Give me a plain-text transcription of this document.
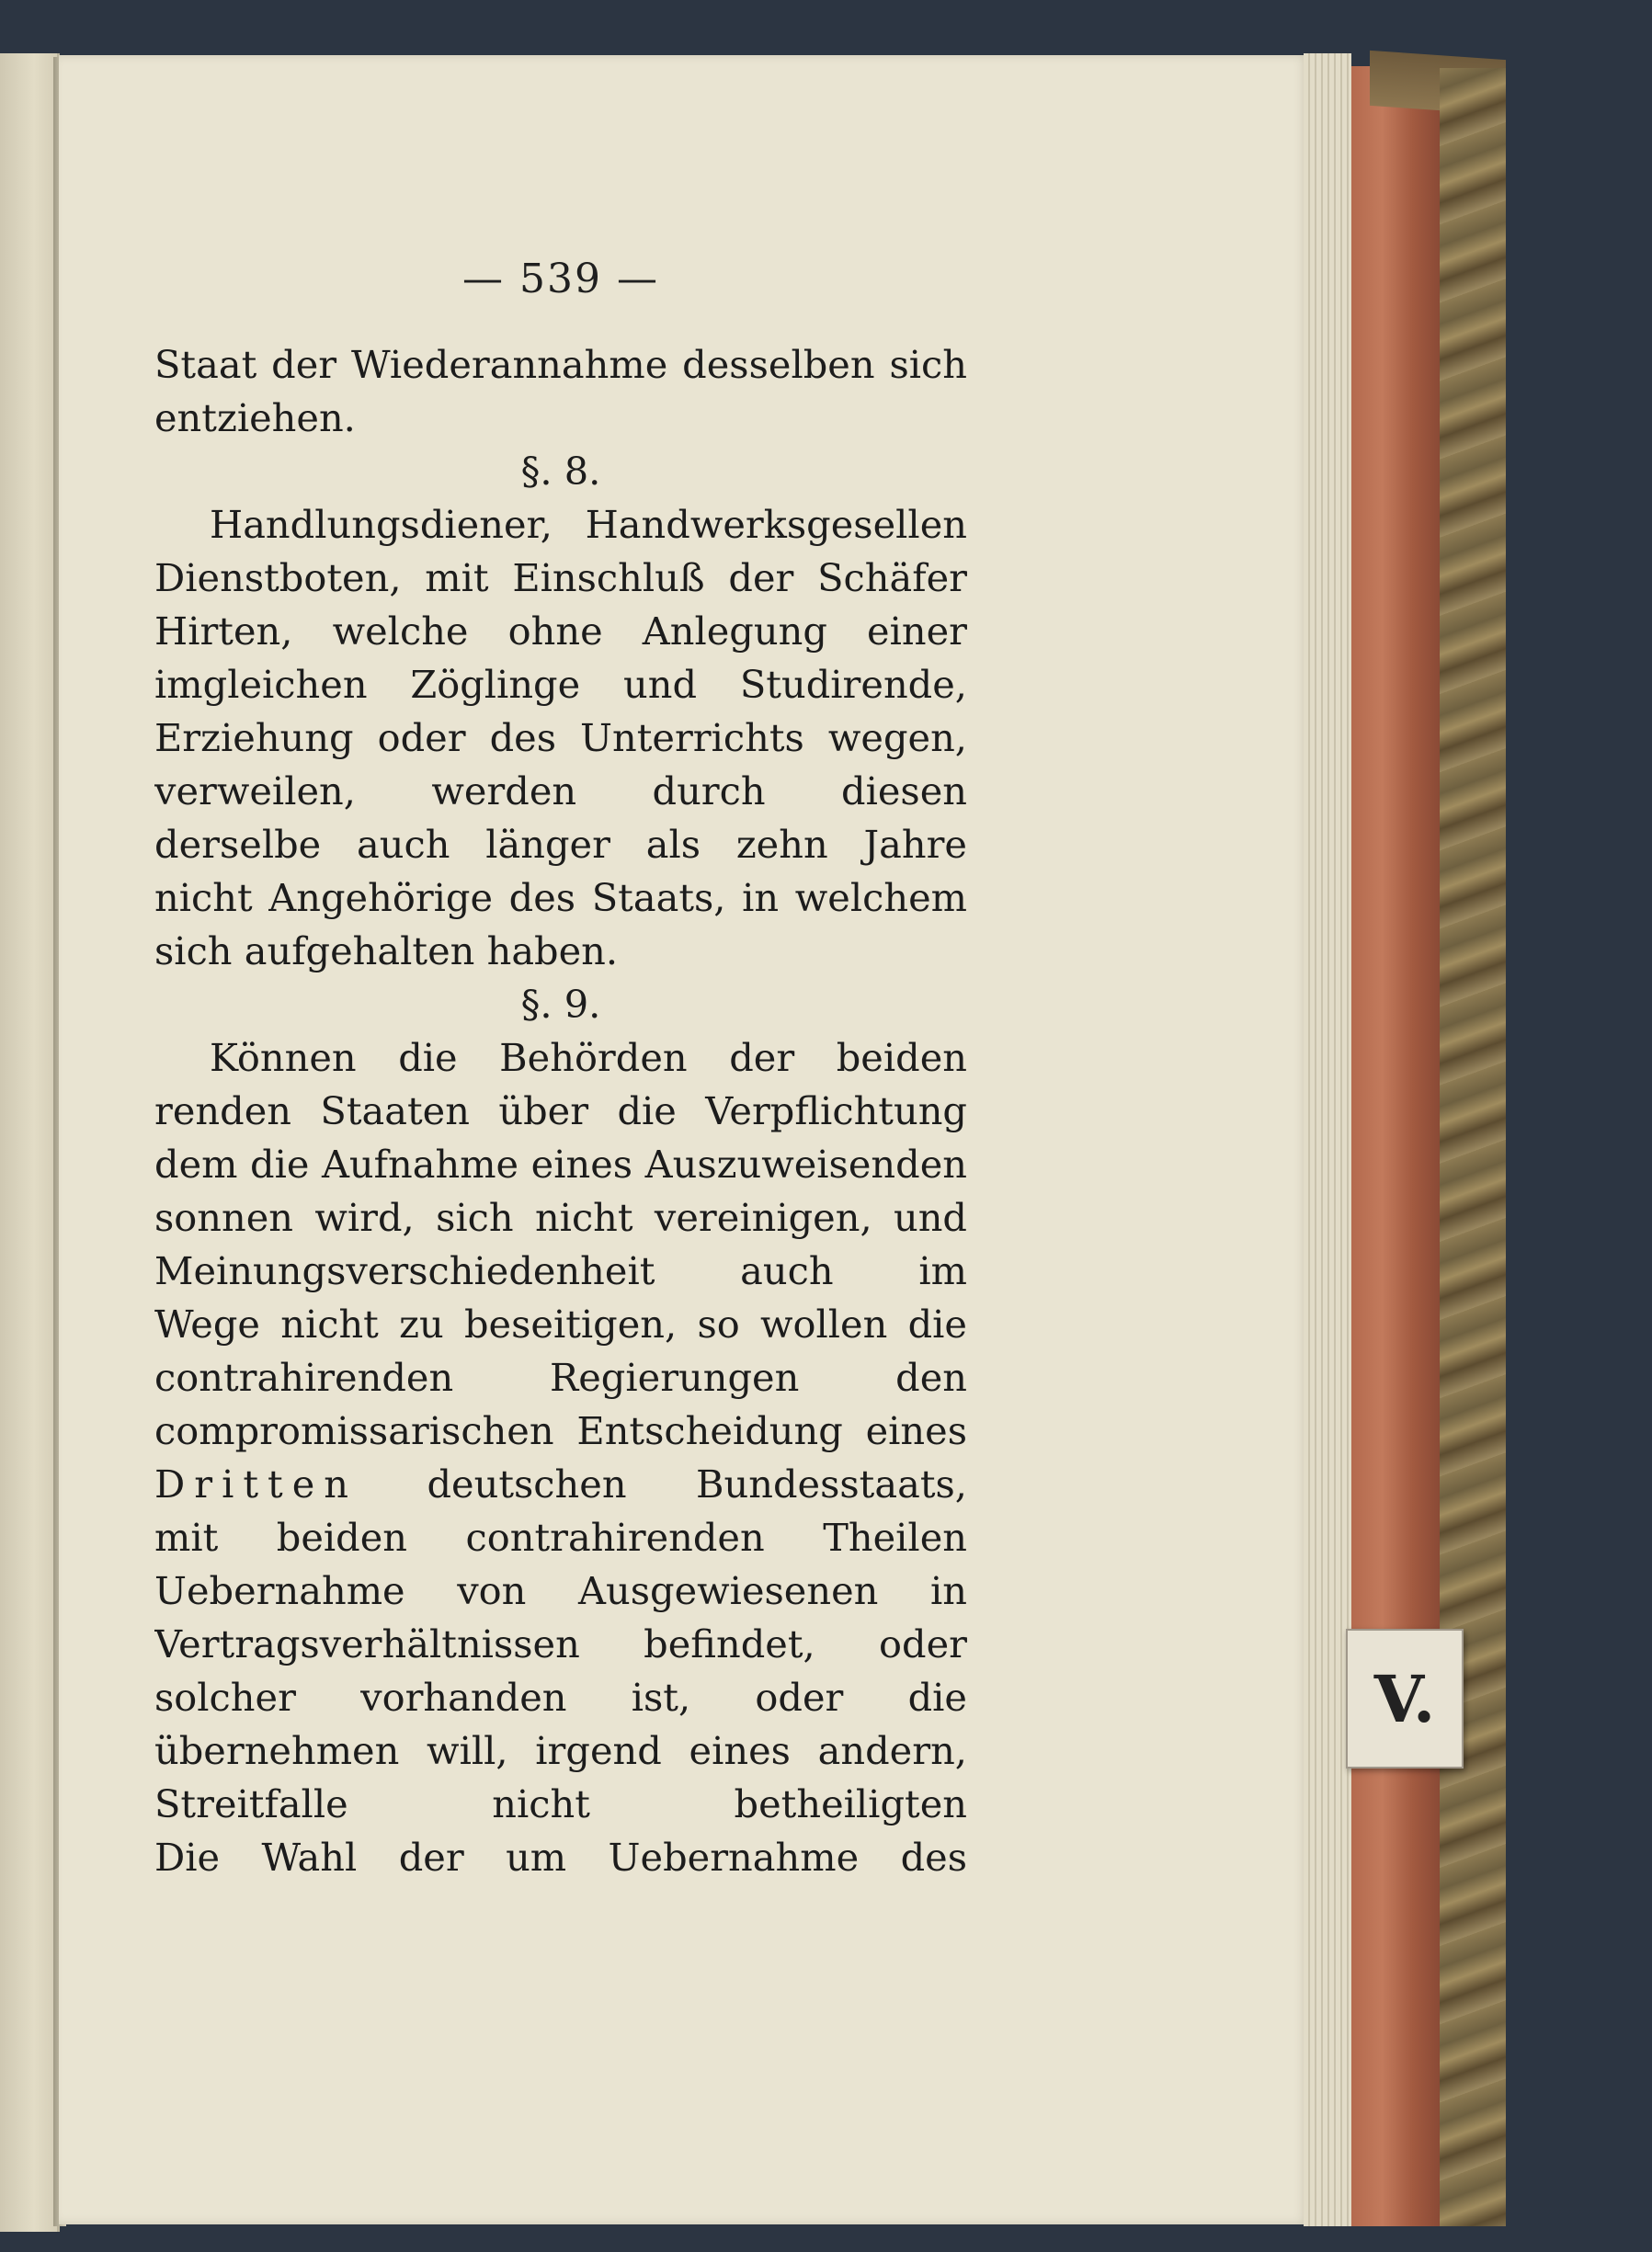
V.
— 539 —
Staat der Wiederannahme desselben sich
entziehen.
§. 8.
Handlungsdiener, Handwerksgesellen
Dienstboten, mit Einschluß der Schäfer
Hirten, welche ohne Anlegung einer
imgleichen Zöglinge und Studirende,
Erziehung oder des Unterrichts wegen,
verweilen, werden durch diesen
derselbe auch länger als zehn Jahre
nicht Angehörige des Staats, in welchem
sich aufgehalten haben.
§. 9.
Können die Behörden der beiden
renden Staaten über die Verpflichtung
dem die Aufnahme eines Auszuweisenden
sonnen wird, sich nicht vereinigen, und
Meinungsverschiedenheit auch im
Wege nicht zu beseitigen, so wollen die
contrahirenden Regierungen den
compromissarischen Entscheidung eines
Dritten deutschen Bundesstaats,
mit beiden contrahirenden Theilen
Uebernahme von Ausgewiesenen in
Vertragsverhältnissen befindet, oder
solcher vorhanden ist, oder die
übernehmen will, irgend eines andern,
Streitfalle nicht betheiligten
Die Wahl der um Uebernahme des
